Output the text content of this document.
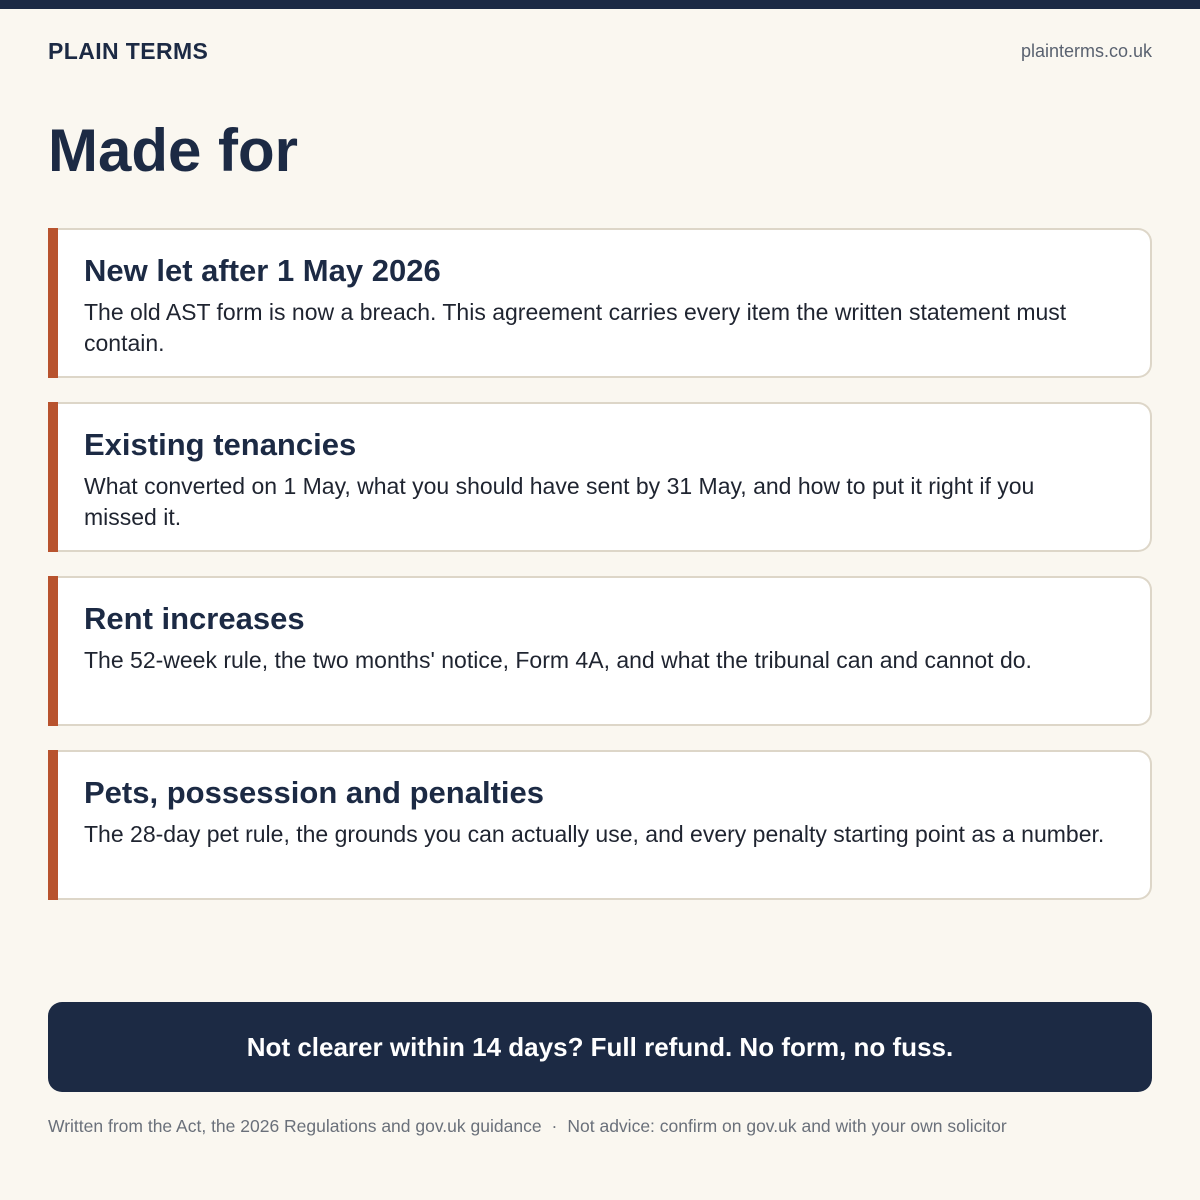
PLAIN TERMS	plainterms.co.uk
Made for
New let after 1 May 2026
The old AST form is now a breach. This agreement carries every item the written statement must contain.
Existing tenancies
What converted on 1 May, what you should have sent by 31 May, and how to put it right if you missed it.
Rent increases
The 52-week rule, the two months' notice, Form 4A, and what the tribunal can and cannot do.
Pets, possession and penalties
The 28-day pet rule, the grounds you can actually use, and every penalty starting point as a number.
Not clearer within 14 days? Full refund. No form, no fuss.
Written from the Act, the 2026 Regulations and gov.uk guidance · Not advice: confirm on gov.uk and with your own solicitor
